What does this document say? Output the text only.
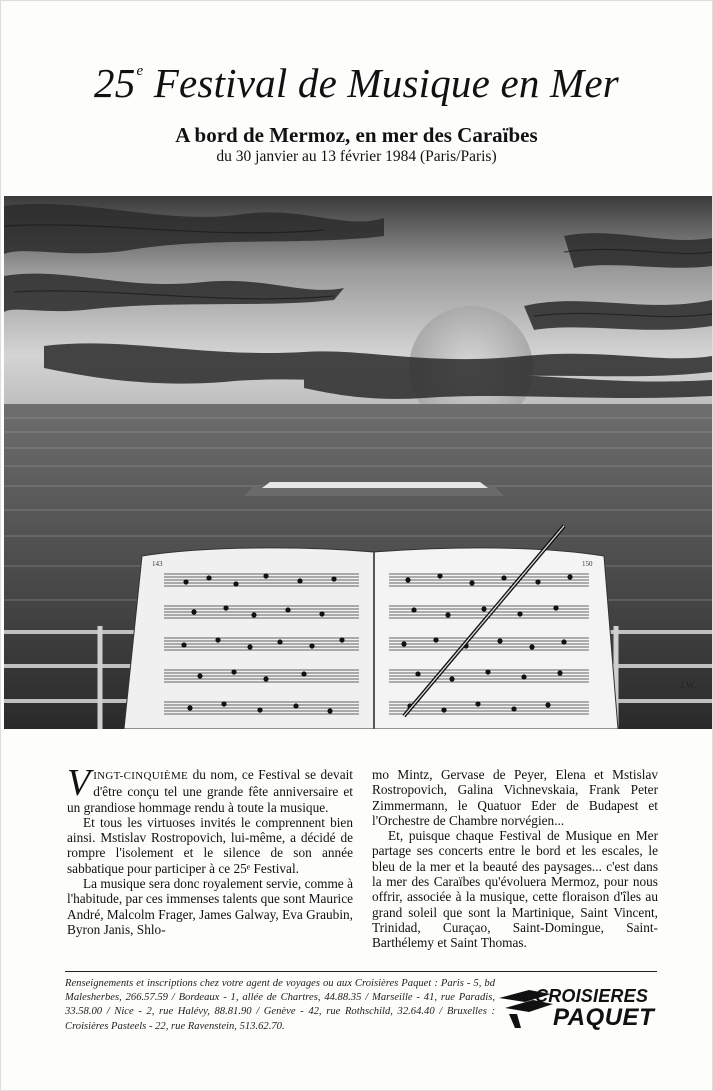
25e Festival de Musique en Mer
A bord de Mermoz, en mer des Caraïbes
du 30 janvier au 13 février 1984 (Paris/Paris)
143	150
J.W.

VINGT-CINQUIÈME du nom, ce Festival se devait d'être conçu tel une grande fête anniversaire et un grandiose hommage rendu à toute la musique.

Et tous les virtuoses invités le comprennent bien ainsi. Mstislav Rostropovich, lui-même, a décidé de rompre l'isolement et le silence de son année sabbatique pour participer à ce 25ᵉ Festival.

La musique sera donc royalement servie, comme à l'habitude, par ces immenses talents que sont Maurice André, Malcolm Frager, James Galway, Eva Graubin, Byron Janis, Shlo-

mo Mintz, Gervase de Peyer, Elena et Mstislav Rostropovich, Galina Vichnevskaia, Frank Peter Zimmermann, le Quatuor Eder de Budapest et l'Orchestre de Chambre norvégien...

Et, puisque chaque Festival de Musique en Mer partage ses concerts entre le bord et les escales, le bleu de la mer et la beauté des paysages... c'est dans la mer des Caraïbes qu'évoluera Mermoz, pour nous offrir, associée à la musique, cette floraison d'îles au grand soleil que sont la Martinique, Saint Vincent, Trinidad, Curaçao, Saint-Domingue, Saint-Barthélemy et Saint Thomas.

Renseignements et inscriptions chez votre agent de voyages ou aux Croisières Paquet : Paris - 5, bd Malesherbes, 266.57.59 / Bordeaux - 1, allée de Chartres, 44.88.35 / Marseille - 41, rue Paradis, 33.58.00 / Nice - 2, rue Halévy, 88.81.90 / Genève - 42, rue Rothschild, 32.64.40 / Bruxelles : Croisières Pasteels - 22, rue Ravenstein, 513.62.70.
CROISIERES
PAQUET
